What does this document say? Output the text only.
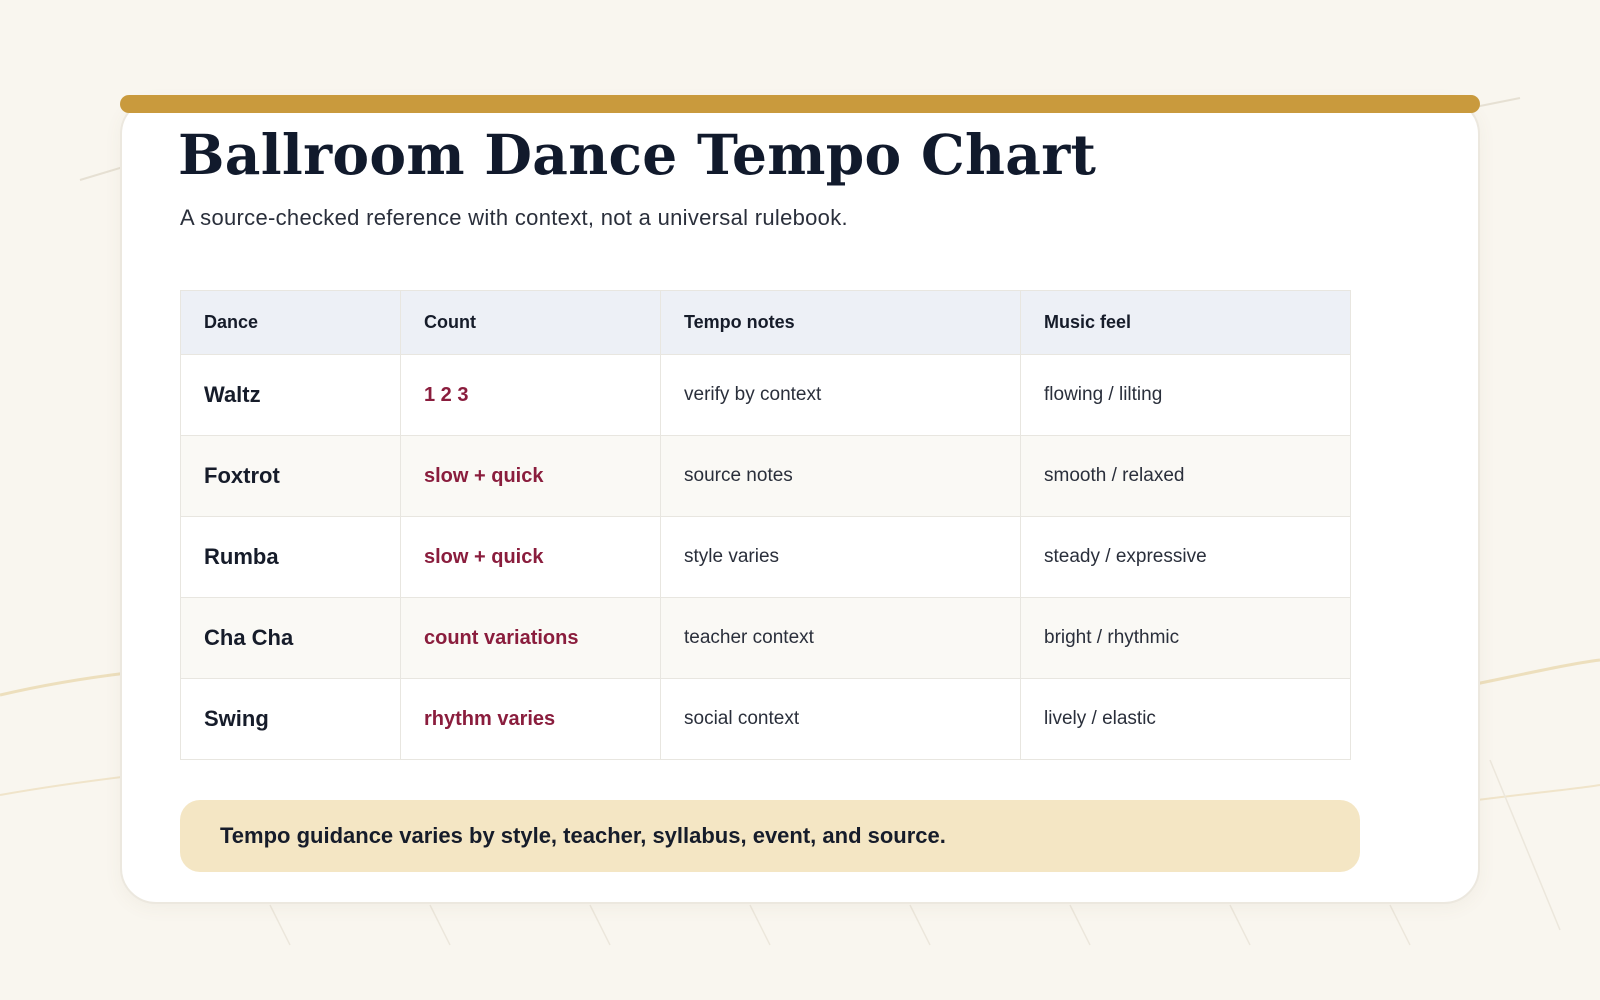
Ballroom Dance Tempo Chart

A source-checked reference with context, not a universal rulebook.

Dance	Count	Tempo notes	Music feel
Waltz	1 2 3	verify by context	flowing / lilting
Foxtrot	slow + quick	source notes	smooth / relaxed
Rumba	slow + quick	style varies	steady / expressive
Cha Cha	count variations	teacher context	bright / rhythmic
Swing	rhythm varies	social context	lively / elastic
Tempo guidance varies by style, teacher, syllabus, event, and source.
